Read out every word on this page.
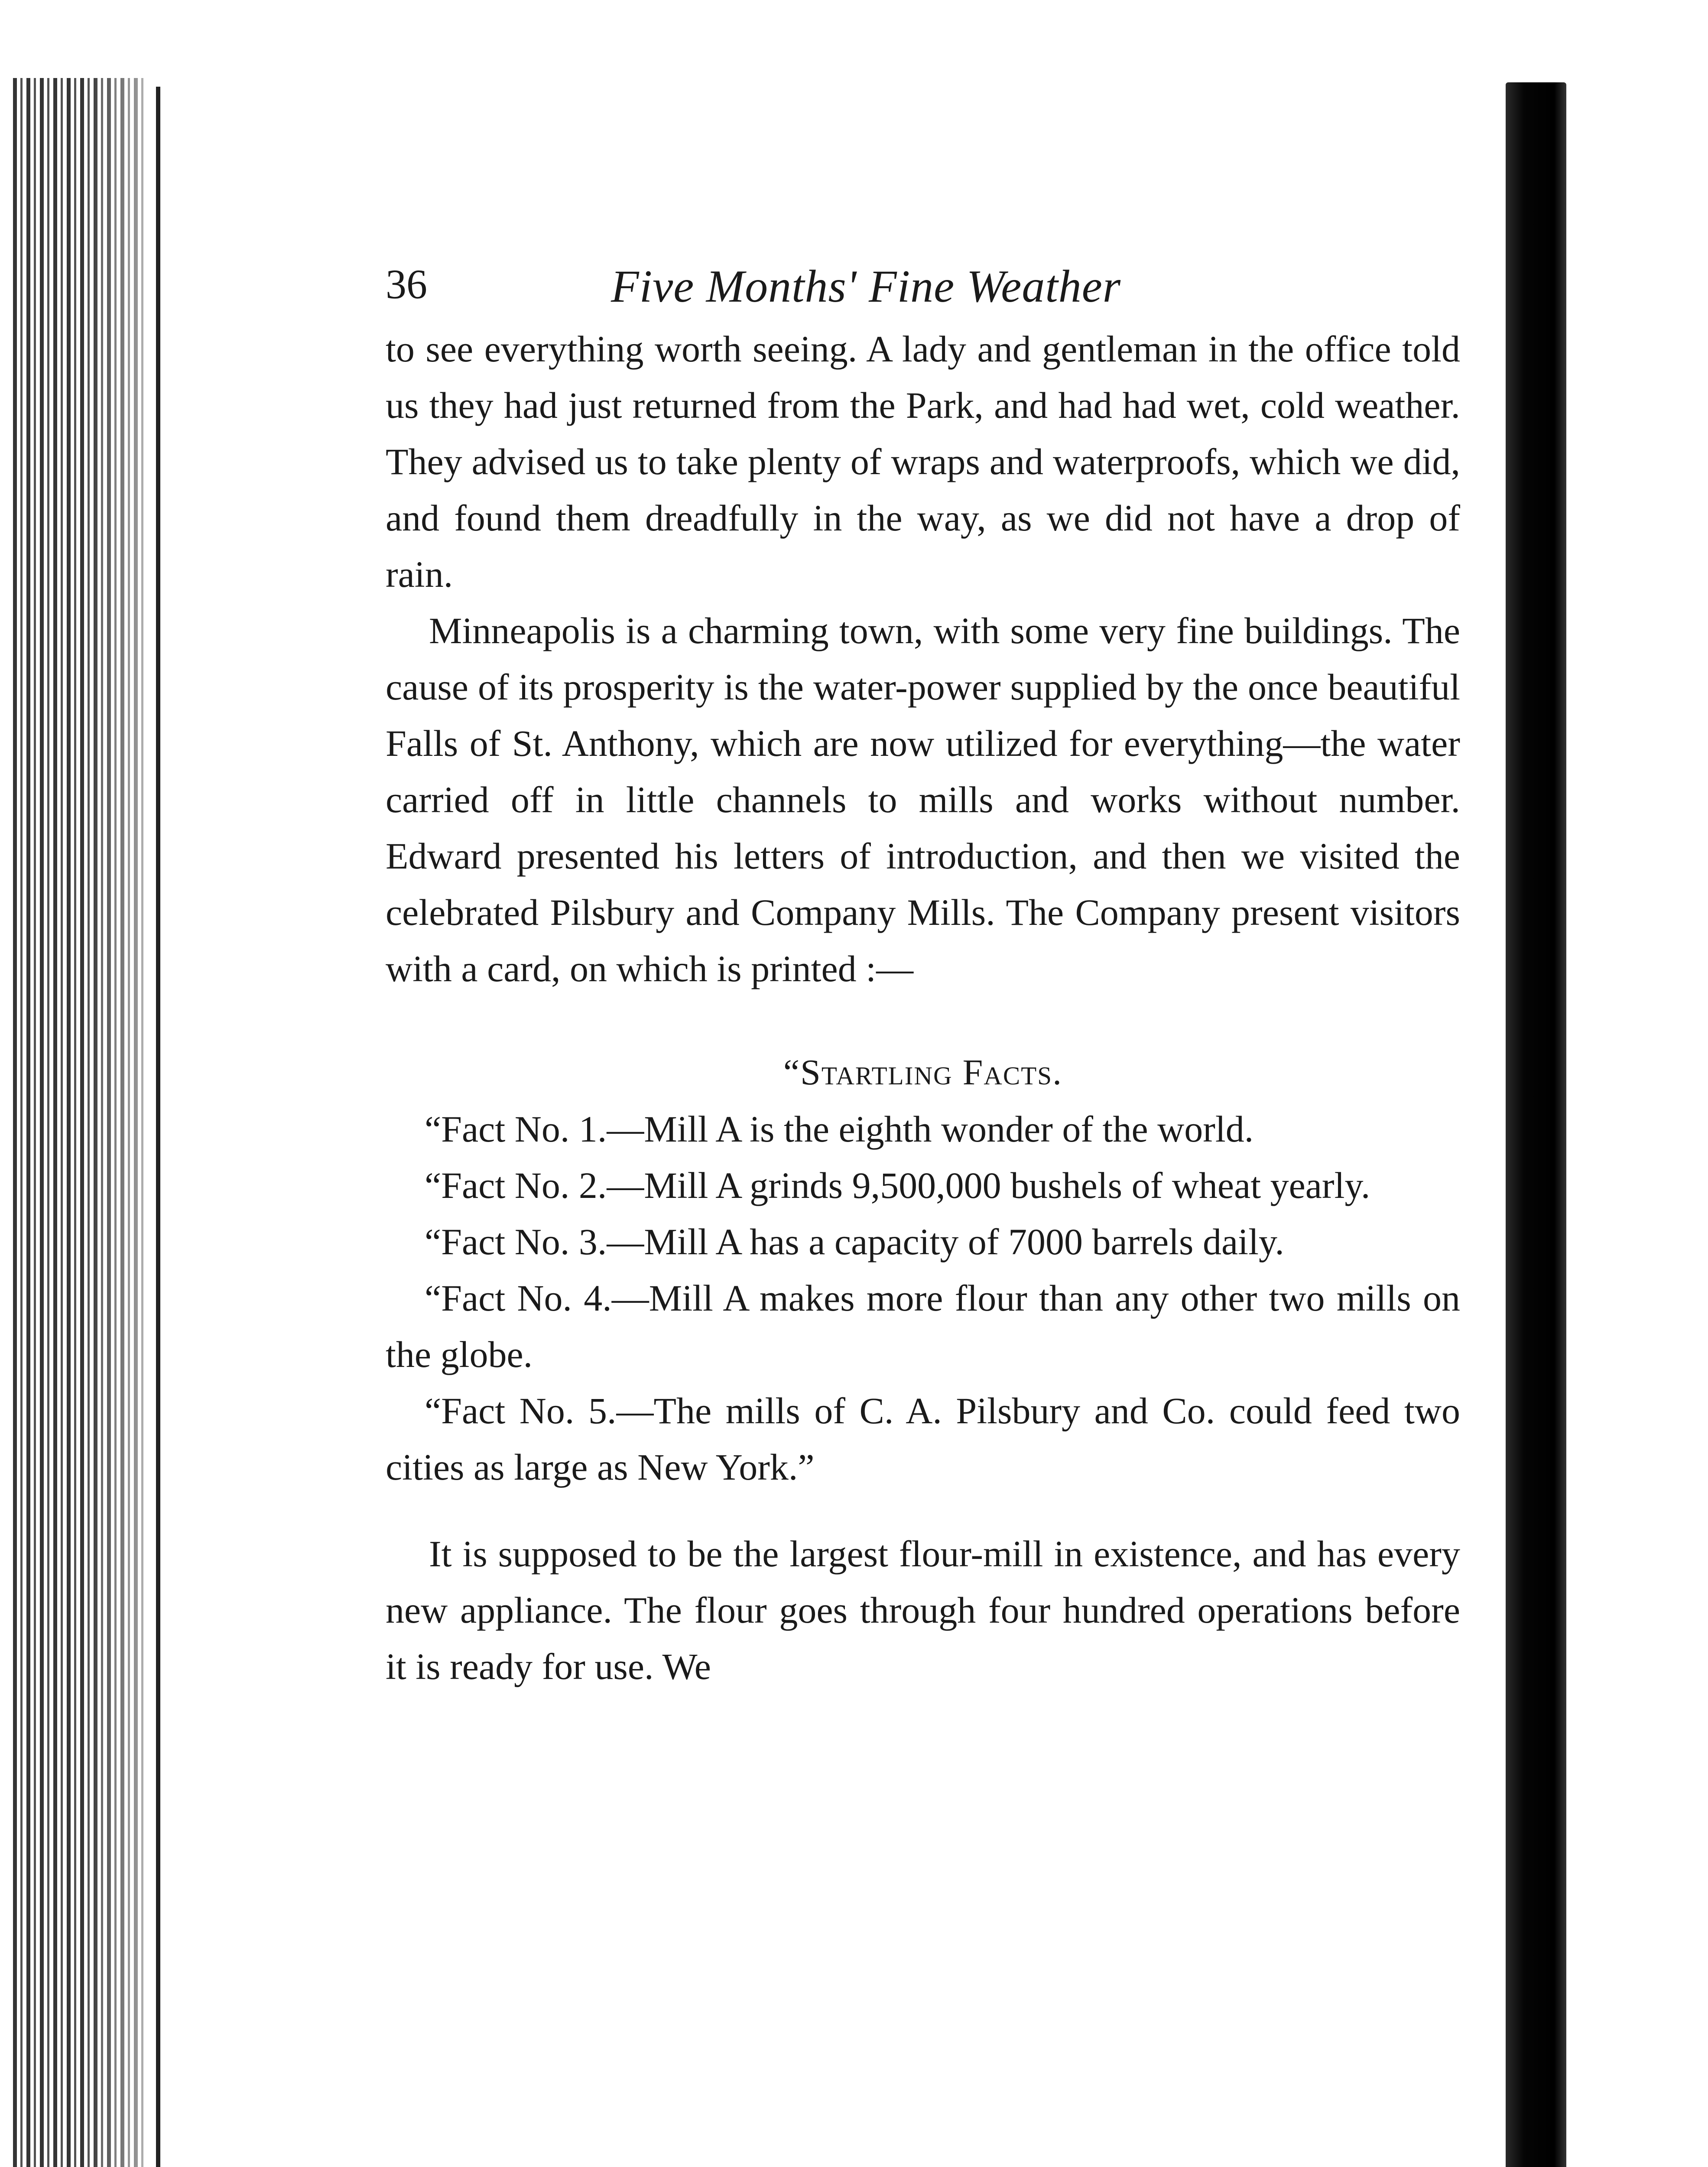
36	Five Months' Fine Weather

to see everything worth seeing. A lady and gentleman in the office told us they had just returned from the Park, and had had wet, cold weather. They advised us to take plenty of wraps and waterproofs, which we did, and found them dreadfully in the way, as we did not have a drop of rain.

Minneapolis is a charming town, with some very fine buildings. The cause of its prosperity is the water-power supplied by the once beautiful Falls of St. Anthony, which are now utilized for everything—the water carried off in little channels to mills and works without number. Edward presented his letters of introduction, and then we visited the celebrated Pilsbury and Company Mills. The Company present visitors with a card, on which is printed :—

“Startling Facts.

“Fact No. 1.—Mill A is the eighth wonder of the world.

“Fact No. 2.—Mill A grinds 9,500,000 bushels of wheat yearly.

“Fact No. 3.—Mill A has a capacity of 7000 barrels daily.

“Fact No. 4.—Mill A makes more flour than any other two mills on the globe.

“Fact No. 5.—The mills of C. A. Pilsbury and Co. could feed two cities as large as New York.”

It is supposed to be the largest flour-mill in existence, and has every new appliance. The flour goes through four hundred operations before it is ready for use. We
